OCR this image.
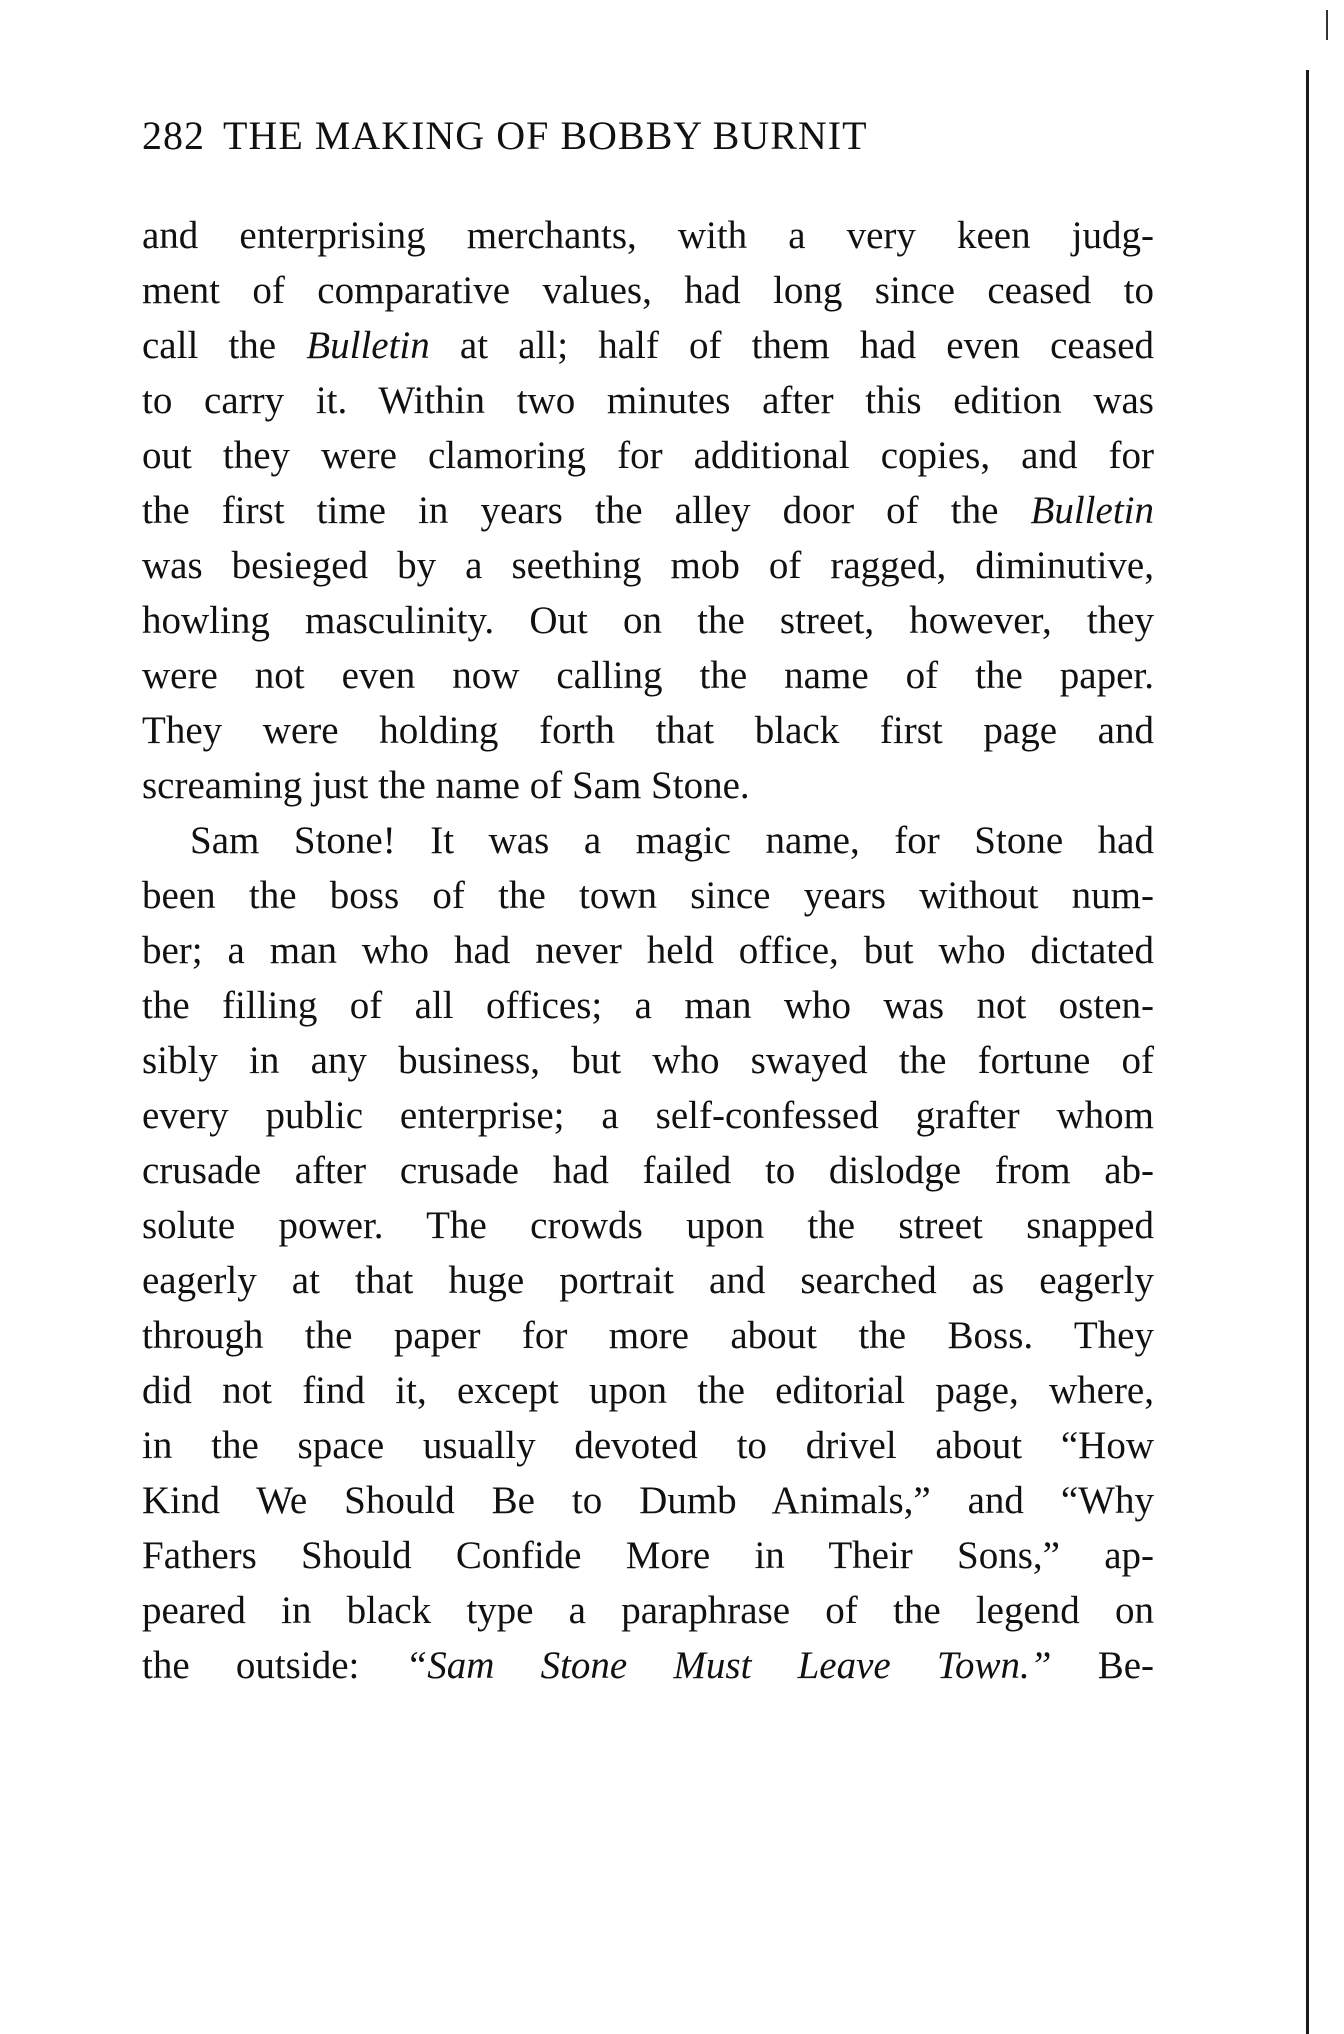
282 THE MAKING OF BOBBY BURNIT
and enterprising merchants, with a very keen judg-
ment of comparative values, had long since ceased to
call the Bulletin at all; half of them had even ceased
to carry it. Within two minutes after this edition was
out they were clamoring for additional copies, and for
the first time in years the alley door of the Bulletin
was besieged by a seething mob of ragged, diminutive,
howling masculinity. Out on the street, however, they
were not even now calling the name of the paper.
They were holding forth that black first page and
screaming just the name of Sam Stone.
Sam Stone! It was a magic name, for Stone had
been the boss of the town since years without num-
ber; a man who had never held office, but who dictated
the filling of all offices; a man who was not osten-
sibly in any business, but who swayed the fortune of
every public enterprise; a self-confessed grafter whom
crusade after crusade had failed to dislodge from ab-
solute power. The crowds upon the street snapped
eagerly at that huge portrait and searched as eagerly
through the paper for more about the Boss. They
did not find it, except upon the editorial page, where,
in the space usually devoted to drivel about “How
Kind We Should Be to Dumb Animals,” and “Why
Fathers Should Confide More in Their Sons,” ap-
peared in black type a paraphrase of the legend on
the outside: “Sam Stone Must Leave Town.” Be-
